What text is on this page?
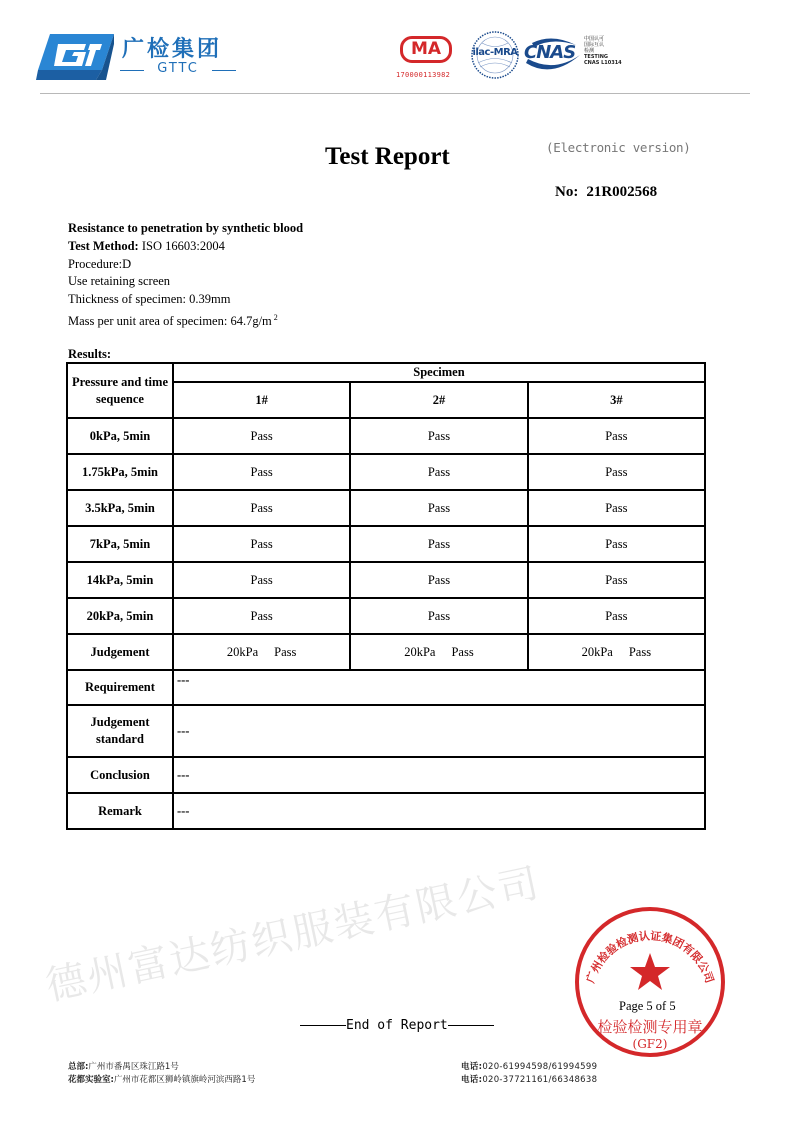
广检集团
GTTC
MA
170000113982
ilac-MRA CNAS
中国认可
国际互认
检测
TESTING
CNAS L10314
Test Report	(Electronic version)
No: 21R002568
Resistance to penetration by synthetic blood
Test Method: ISO 16603:2004
Procedure:D
Use retaining screen
Thickness of specimen: 0.39mm
Mass per unit area of specimen: 64.7g/m $^2$
Results:
Pressure and time sequence	Specimen		
	1#	2#	3#
0kPa, 5min	Pass	Pass	Pass
1.75kPa, 5min	Pass	Pass	Pass
3.5kPa, 5min	Pass	Pass	Pass
7kPa, 5min	Pass	Pass	Pass
14kPa, 5min	Pass	Pass	Pass
20kPa, 5min	Pass	Pass	Pass
Judgement	20kPa Pass	20kPa Pass	20kPa Pass
Requirement	---		
Judgement standard	---		
Conclusion	---		
Remark	---		
德州富达纺织服装有限公司
End of Report
广州检验检测认证集团有限公司
检验检测专用章
(GF2)
Page 5 of 5
总部:广州市番禺区珠江路1号
花都实验室:广州市花都区狮岭镇旗岭河滨西路1号
电话:020-61994598/61994599
电话:020-37721161/66348638
